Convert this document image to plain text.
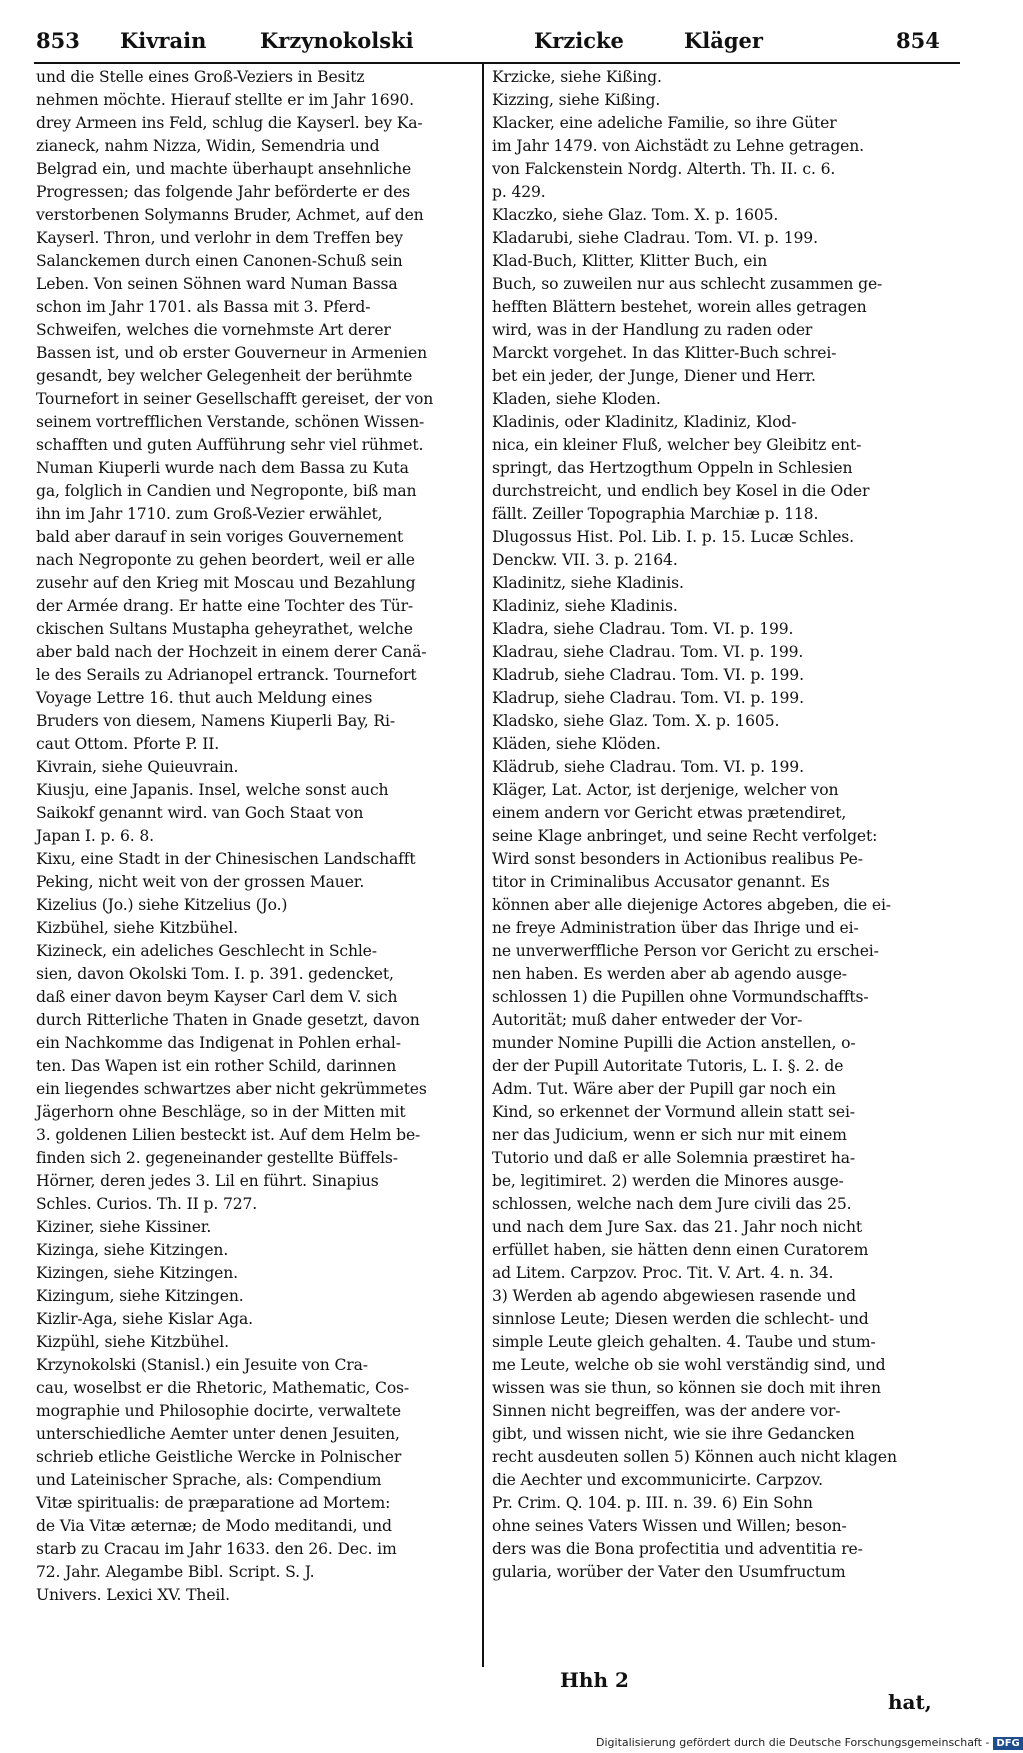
853 Kivrain	Krzynokolski	Krzicke	Kläger	854
und die Stelle eines Groß-Veziers in Besitz
nehmen möchte. Hierauf stellte er im Jahr 1690.
drey Armeen ins Feld, schlug die Kayserl. bey Ka-
zianeck, nahm Nizza, Widin, Semendria und
Belgrad ein, und machte überhaupt ansehnliche
Progressen; das folgende Jahr beförderte er des
verstorbenen Solymanns Bruder, Achmet, auf den
Kayserl. Thron, und verlohr in dem Treffen bey
Salanckemen durch einen Canonen-Schuß sein
Leben. Von seinen Söhnen ward Numan Bassa
schon im Jahr 1701. als Bassa mit 3. Pferd-
Schweifen, welches die vornehmste Art derer
Bassen ist, und ob erster Gouverneur in Armenien
gesandt, bey welcher Gelegenheit der berühmte
Tournefort in seiner Gesellschafft gereiset, der von
seinem vortrefflichen Verstande, schönen Wissen-
schafften und guten Aufführung sehr viel rühmet.
Numan Kiuperli wurde nach dem Bassa zu Kuta
ga, folglich in Candien und Negroponte, biß man
ihn im Jahr 1710. zum Groß-Vezier erwählet,
bald aber darauf in sein voriges Gouvernement
nach Negroponte zu gehen beordert, weil er alle
zusehr auf den Krieg mit Moscau und Bezahlung
der Armée drang. Er hatte eine Tochter des Tür-
ckischen Sultans Mustapha geheyrathet, welche
aber bald nach der Hochzeit in einem derer Canä-
le des Serails zu Adrianopel ertranck. Tournefort
Voyage Lettre 16. thut auch Meldung eines
Bruders von diesem, Namens Kiuperli Bay, Ri-
caut Ottom. Pforte P. II.
Kivrain, siehe Quieuvrain.
Kiusju, eine Japanis. Insel, welche sonst auch
Saikokf genannt wird. van Goch Staat von
Japan I. p. 6. 8.
Kixu, eine Stadt in der Chinesischen Landschafft
Peking, nicht weit von der grossen Mauer.
Kizelius (Jo.) siehe Kitzelius (Jo.)
Kizbühel, siehe Kitzbühel.
Kizineck, ein adeliches Geschlecht in Schle-
sien, davon Okolski Tom. I. p. 391. gedencket,
daß einer davon beym Kayser Carl dem V. sich
durch Ritterliche Thaten in Gnade gesetzt, davon
ein Nachkomme das Indigenat in Pohlen erhal-
ten. Das Wapen ist ein rother Schild, darinnen
ein liegendes schwartzes aber nicht gekrümmetes
Jägerhorn ohne Beschläge, so in der Mitten mit
3. goldenen Lilien besteckt ist. Auf dem Helm be-
finden sich 2. gegeneinander gestellte Büffels-
Hörner, deren jedes 3. Lil en führt. Sinapius
Schles. Curios. Th. II p. 727.
Kiziner, siehe Kissiner.
Kizinga, siehe Kitzingen.
Kizingen, siehe Kitzingen.
Kizingum, siehe Kitzingen.
Kizlir-Aga, siehe Kislar Aga.
Kizpühl, siehe Kitzbühel.
Krzynokolski (Stanisl.) ein Jesuite von Cra-
cau, woselbst er die Rhetoric, Mathematic, Cos-
mographie und Philosophie docirte, verwaltete
unterschiedliche Aemter unter denen Jesuiten,
schrieb etliche Geistliche Wercke in Polnischer
und Lateinischer Sprache, als: Compendium
Vitæ spiritualis: de præparatione ad Mortem:
de Via Vitæ æternæ; de Modo meditandi, und
starb zu Cracau im Jahr 1633. den 26. Dec. im
72. Jahr. Alegambe Bibl. Script. S. J.
Univers. Lexici XV. Theil.
Krzicke, siehe Kißing.
Kizzing, siehe Kißing.
Klacker, eine adeliche Familie, so ihre Güter
im Jahr 1479. von Aichstädt zu Lehne getragen.
von Falckenstein Nordg. Alterth. Th. II. c. 6.
p. 429.
Klaczko, siehe Glaz. Tom. X. p. 1605.
Kladarubi, siehe Cladrau. Tom. VI. p. 199.
Klad-Buch, Klitter, Klitter Buch, ein
Buch, so zuweilen nur aus schlecht zusammen ge-
hefften Blättern bestehet, worein alles getragen
wird, was in der Handlung zu raden oder
Marckt vorgehet. In das Klitter-Buch schrei-
bet ein jeder, der Junge, Diener und Herr.
Kladen, siehe Kloden.
Kladinis, oder Kladinitz, Kladiniz, Klod-
nica, ein kleiner Fluß, welcher bey Gleibitz ent-
springt, das Hertzogthum Oppeln in Schlesien
durchstreicht, und endlich bey Kosel in die Oder
fällt. Zeiller Topographia Marchiæ p. 118.
Dlugossus Hist. Pol. Lib. I. p. 15. Lucæ Schles.
Denckw. VII. 3. p. 2164.
Kladinitz, siehe Kladinis.
Kladiniz, siehe Kladinis.
Kladra, siehe Cladrau. Tom. VI. p. 199.
Kladrau, siehe Cladrau. Tom. VI. p. 199.
Kladrub, siehe Cladrau. Tom. VI. p. 199.
Kladrup, siehe Cladrau. Tom. VI. p. 199.
Kladsko, siehe Glaz. Tom. X. p. 1605.
Kläden, siehe Klöden.
Klädrub, siehe Cladrau. Tom. VI. p. 199.
Kläger, Lat. Actor, ist derjenige, welcher von
einem andern vor Gericht etwas prætendiret,
seine Klage anbringet, und seine Recht verfolget:
Wird sonst besonders in Actionibus realibus Pe-
titor in Criminalibus Accusator genannt. Es
können aber alle diejenige Actores abgeben, die ei-
ne freye Administration über das Ihrige und ei-
ne unverwerffliche Person vor Gericht zu erschei-
nen haben. Es werden aber ab agendo ausge-
schlossen 1) die Pupillen ohne Vormundschaffts-
Autorität; muß daher entweder der Vor-
munder Nomine Pupilli die Action anstellen, o-
der der Pupill Autoritate Tutoris, L. I. §. 2. de
Adm. Tut. Wäre aber der Pupill gar noch ein
Kind, so erkennet der Vormund allein statt sei-
ner das Judicium, wenn er sich nur mit einem
Tutorio und daß er alle Solemnia præstiret ha-
be, legitimiret. 2) werden die Minores ausge-
schlossen, welche nach dem Jure civili das 25.
und nach dem Jure Sax. das 21. Jahr noch nicht
erfüllet haben, sie hätten denn einen Curatorem
ad Litem. Carpzov. Proc. Tit. V. Art. 4. n. 34.
3) Werden ab agendo abgewiesen rasende und
sinnlose Leute; Diesen werden die schlecht- und
simple Leute gleich gehalten. 4. Taube und stum-
me Leute, welche ob sie wohl verständig sind, und
wissen was sie thun, so können sie doch mit ihren
Sinnen nicht begreiffen, was der andere vor-
gibt, und wissen nicht, wie sie ihre Gedancken
recht ausdeuten sollen 5) Können auch nicht klagen
die Aechter und excommunicirte. Carpzov.
Pr. Crim. Q. 104. p. III. n. 39. 6) Ein Sohn
ohne seines Vaters Wissen und Willen; beson-
ders was die Bona profectitia und adventitia re-
gularia, worüber der Vater den Usumfructum
Hhh 2
hat,
Digitalisierung gefördert durch die Deutsche Forschungsgemeinschaft - DFG
